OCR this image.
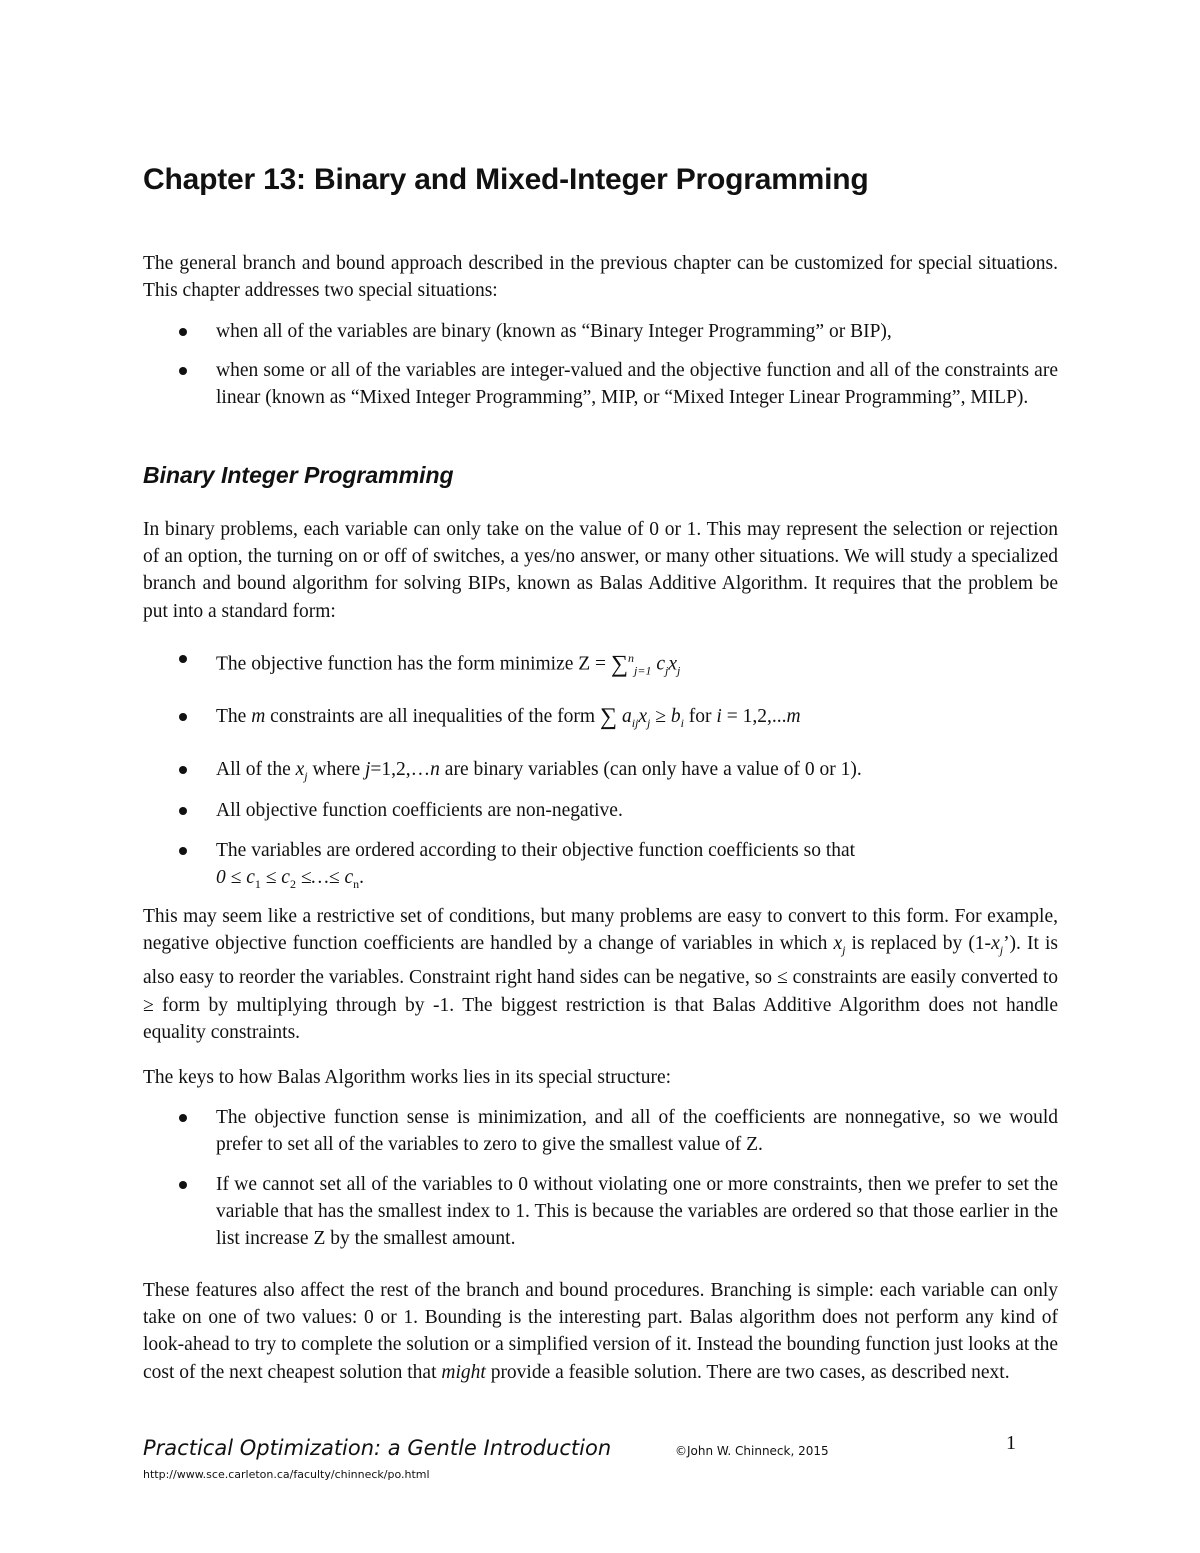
Chapter 13: Binary and Mixed-Integer Programming

The general branch and bound approach described in the previous chapter can be customized for special situations. This chapter addresses two special situations:

when all of the variables are binary (known as “Binary Integer Programming” or BIP),
when some or all of the variables are integer-valued and the objective function and all of the constraints are linear (known as “Mixed Integer Programming”, MIP, or “Mixed Integer Linear Programming”, MILP).
Binary Integer Programming

In binary problems, each variable can only take on the value of 0 or 1. This may represent the selection or rejection of an option, the turning on or off of switches, a yes/no answer, or many other situations. We will study a specialized branch and bound algorithm for solving BIPs, known as Balas Additive Algorithm. It requires that the problem be put into a standard form:

The objective function has the form minimize Z = ∑$^n_{j=1}$ $c_jx_j$
The m constraints are all inequalities of the form ∑ $a_{ij}x_j \ge b_i$ for i = 1,2,...m
All of the $x_j$ where j=1,2,…n are binary variables (can only have a value of 0 or 1).
All objective function coefficients are non-negative.
The variables are ordered according to their objective function coefficients so that
$0 \le c_1 \le c_2$ ≤…≤ $c_n$.

This may seem like a restrictive set of conditions, but many problems are easy to convert to this form. For example, negative objective function coefficients are handled by a change of variables in which $x_j$ is replaced by $(1-x_j’)$. It is also easy to reorder the variables. Constraint right hand sides can be negative, so ≤ constraints are easily converted to ≥ form by multiplying through by -1. The biggest restriction is that Balas Additive Algorithm does not handle equality constraints.

The keys to how Balas Algorithm works lies in its special structure:

The objective function sense is minimization, and all of the coefficients are nonnegative, so we would prefer to set all of the variables to zero to give the smallest value of Z.
If we cannot set all of the variables to 0 without violating one or more constraints, then we prefer to set the variable that has the smallest index to 1. This is because the variables are ordered so that those earlier in the list increase Z by the smallest amount.

These features also affect the rest of the branch and bound procedures. Branching is simple: each variable can only take on one of two values: 0 or 1. Bounding is the interesting part. Balas algorithm does not perform any kind of look-ahead to try to complete the solution or a simplified version of it. Instead the bounding function just looks at the cost of the next cheapest solution that might provide a feasible solution. There are two cases, as described next.

Practical Optimization: a Gentle Introduction	©John W. Chinneck, 2015
http://www.sce.carleton.ca/faculty/chinneck/po.html
1
